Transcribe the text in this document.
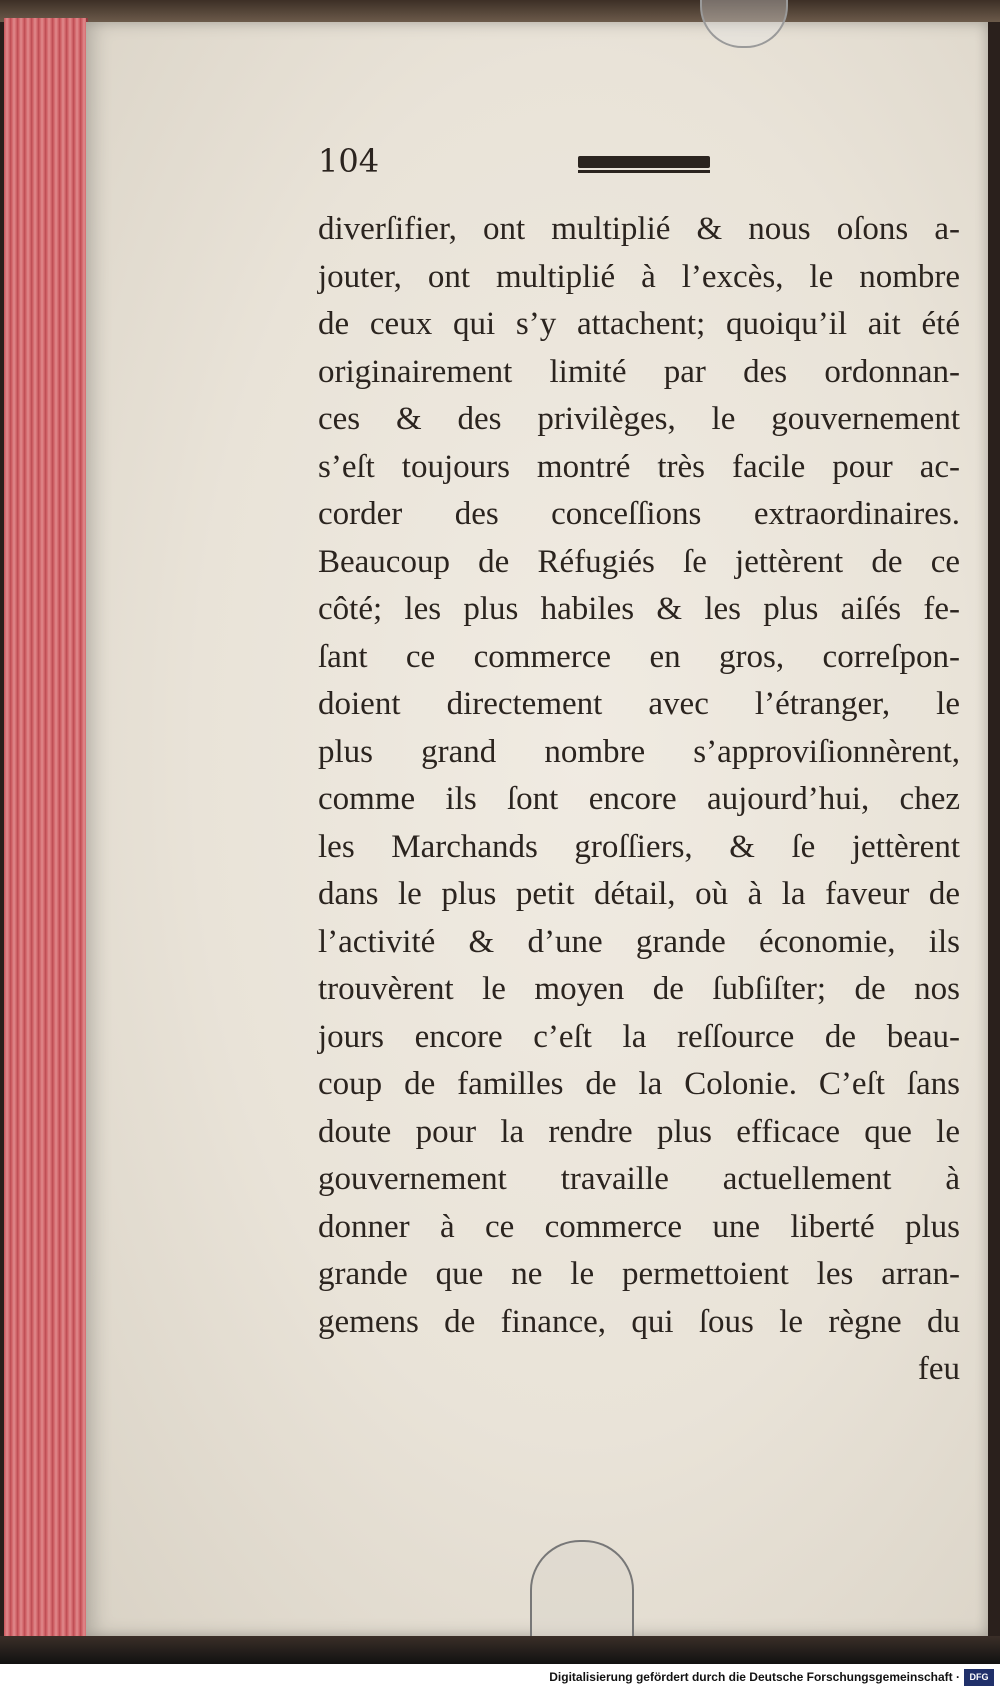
104
diverſifier, ont multiplié & nous oſons a-
jouter, ont multiplié à l’excès, le nombre
de ceux qui s’y attachent; quoiqu’il ait été
originairement limité par des ordonnan-
ces & des privilèges, le gouvernement
s’eſt toujours montré très facile pour ac-
corder des conceſſions extraordinaires.
Beaucoup de Réfugiés ſe jettèrent de ce
côté; les plus habiles & les plus aiſés fe-
ſant ce commerce en gros, correſpon-
doient directement avec l’étranger, le
plus grand nombre s’approviſionnèrent,
comme ils ſont encore aujourd’hui, chez
les Marchands groſſiers, & ſe jettèrent
dans le plus petit détail, où à la faveur de
l’activité & d’une grande économie, ils
trouvèrent le moyen de ſubſiſter; de nos
jours encore c’eſt la reſſource de beau-
coup de familles de la Colonie. C’eſt ſans
doute pour la rendre plus efficace que le
gouvernement travaille actuellement à
donner à ce commerce une liberté plus
grande que ne le permettoient les arran-
gemens de finance, qui ſous le règne du
feu
Digitalisierung gefördert durch die Deutsche Forschungsgemeinschaft ·	DFG
